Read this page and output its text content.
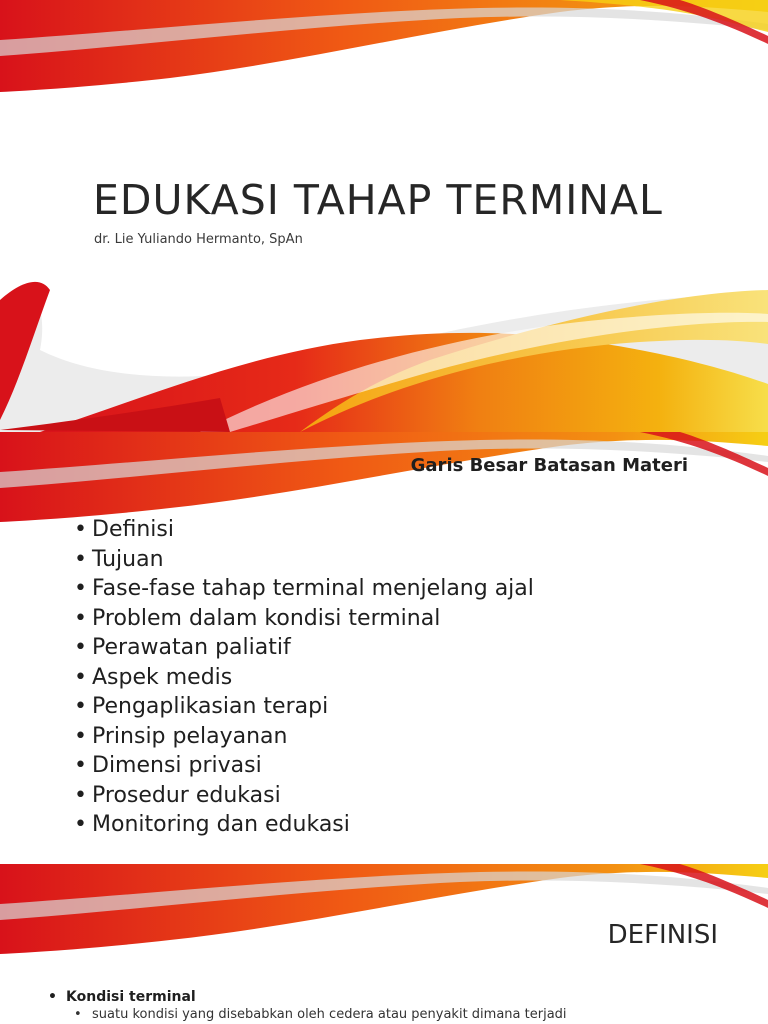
EDUKASI TAHAP TERMINAL

dr. Lie Yuliando Hermanto, SpAn

Garis Besar Batasan Materi
• Definisi
• Tujuan
• Fase-fase tahap terminal menjelang ajal
• Problem dalam kondisi terminal
• Perawatan paliatif
• Aspek medis
• Pengaplikasian terapi
• Prinsip pelayanan
• Dimensi privasi
• Prosedur edukasi
• Monitoring dan edukasi
DEFINISI
• Kondisi terminal
• suatu kondisi yang disebabkan oleh cedera atau penyakit dimana terjadi
